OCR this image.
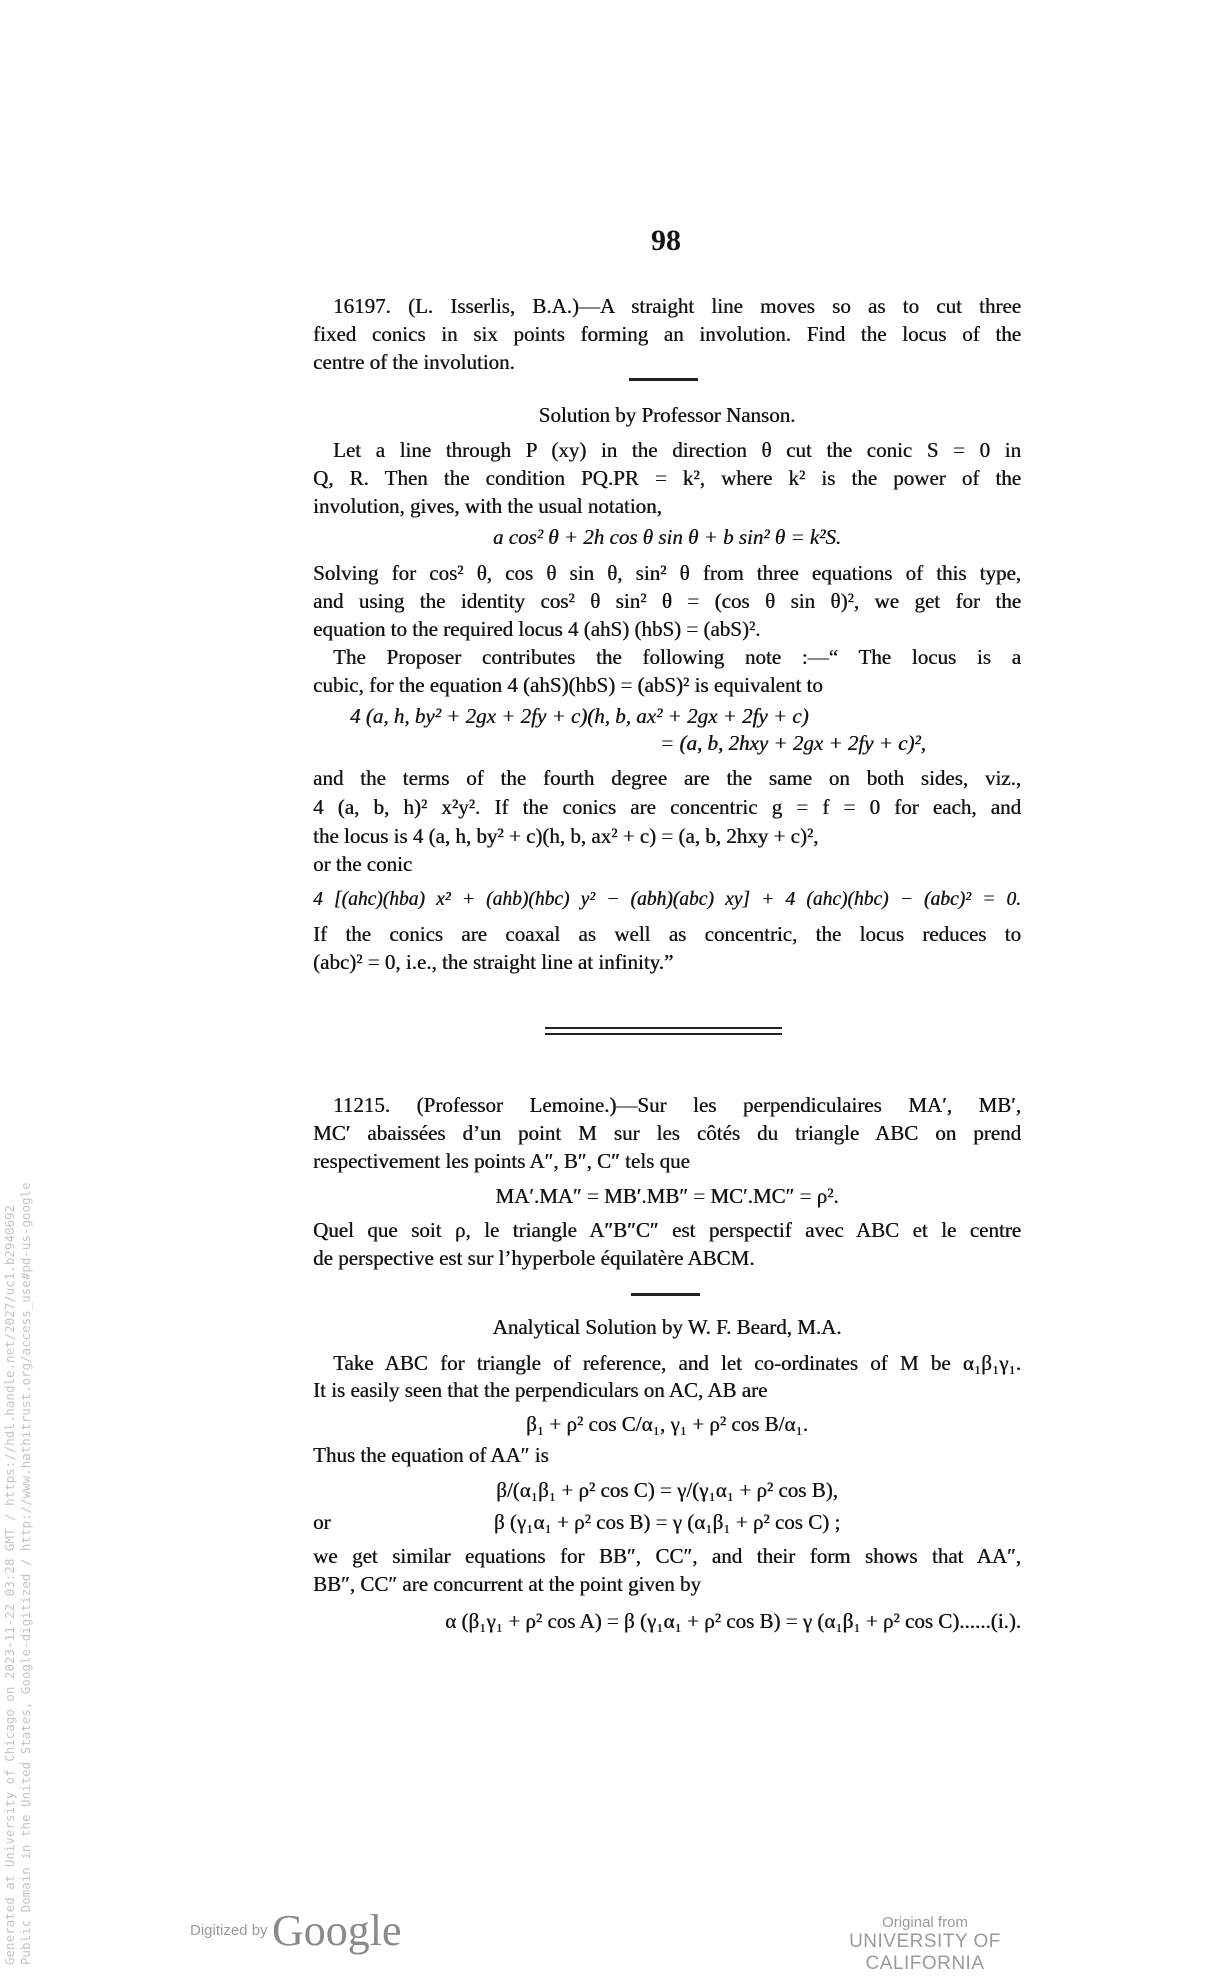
98
16197. (L. Isserlis, B.A.)—A straight line moves so as to cut three
fixed conics in six points forming an involution. Find the locus of the
centre of the involution.
Solution by Professor Nanson.
Let a line through P (xy) in the direction θ cut the conic S = 0 in
Q, R. Then the condition PQ.PR = k², where k² is the power of the
involution, gives, with the usual notation,
a cos² θ + 2h cos θ sin θ + b sin² θ = k²S.
Solving for cos² θ, cos θ sin θ, sin² θ from three equations of this type,
and using the identity cos² θ sin² θ = (cos θ sin θ)², we get for the
equation to the required locus 4 (ahS) (hbS) = (abS)².
The Proposer contributes the following note :—“ The locus is a
cubic, for the equation 4 (ahS)(hbS) = (abS)² is equivalent to
4 (a, h, by² + 2gx + 2fy + c)(h, b, ax² + 2gx + 2fy + c)
= (a, b, 2hxy + 2gx + 2fy + c)²,
and the terms of the fourth degree are the same on both sides, viz.,
4 (a, b, h)² x²y². If the conics are concentric g = f = 0 for each, and
the locus is 4 (a, h, by² + c)(h, b, ax² + c) = (a, b, 2hxy + c)²,
or the conic
4 [(ahc)(hba) x² + (ahb)(hbc) y² − (abh)(abc) xy] + 4 (ahc)(hbc) − (abc)² = 0.
If the conics are coaxal as well as concentric, the locus reduces to
(abc)² = 0, i.e., the straight line at infinity.”
11215. (Professor Lemoine.)—Sur les perpendiculaires MA′, MB′,
MC′ abaissées d’un point M sur les côtés du triangle ABC on prend
respectivement les points A″, B″, C″ tels que
MA′.MA″ = MB′.MB″ = MC′.MC″ = ρ².
Quel que soit ρ, le triangle A″B″C″ est perspectif avec ABC et le centre
de perspective est sur l’hyperbole équilatère ABCM.
Analytical Solution by W. F. Beard, M.A.
Take ABC for triangle of reference, and let co-ordinates of M be α₁β₁γ₁.
It is easily seen that the perpendiculars on AC, AB are
β₁ + ρ² cos C/α₁, γ₁ + ρ² cos B/α₁.
Thus the equation of AA″ is
β/(α₁β₁ + ρ² cos C) = γ/(γ₁α₁ + ρ² cos B),
or	β (γ₁α₁ + ρ² cos B) = γ (α₁β₁ + ρ² cos C) ;
we get similar equations for BB″, CC″, and their form shows that AA″,
BB″, CC″ are concurrent at the point given by
α (β₁γ₁ + ρ² cos A) = β (γ₁α₁ + ρ² cos B) = γ (α₁β₁ + ρ² cos C)......(i.).
Generated at University of Chicago on 2023-11-22 03:28 GMT / https://hdl.handle.net/2027/uc1.b2940692 Public Domain in the United States, Google-digitized / http://www.hathitrust.org/access_use#pd-us-google	Digitized by Google	Original from
UNIVERSITY OF CALIFORNIA
